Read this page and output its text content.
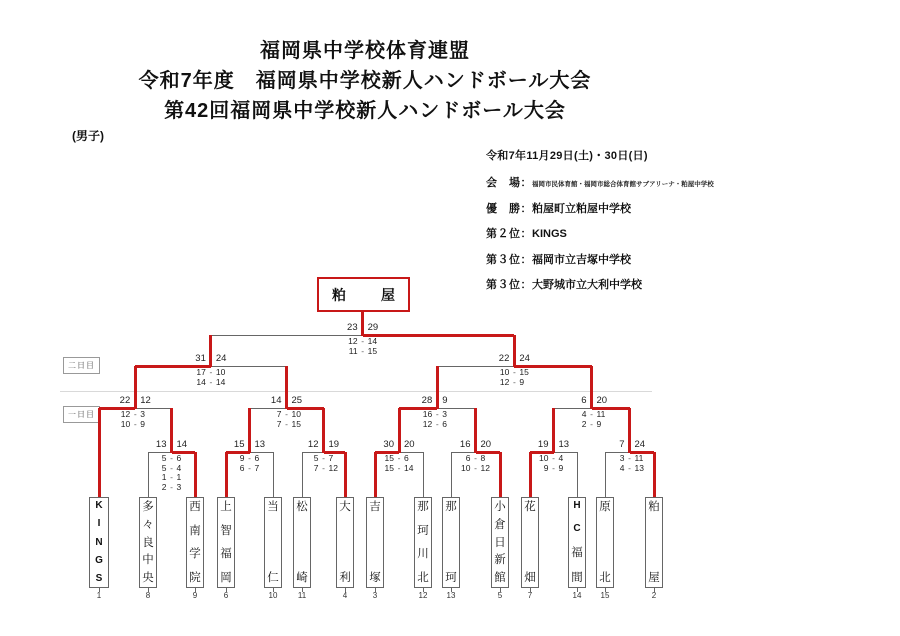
福岡県中学校体育連盟
令和7年度　福岡県中学校新人ハンドボール大会
第42回福岡県中学校新人ハンドボール大会
(男子)
令和7年11月29日(土)・30日(日)
会　場： 福岡市民体育館・福岡市総合体育館サブアリーナ・粕屋中学校
優　勝： 粕屋町立粕屋中学校
第２位： KINGS
第３位： 福岡市立吉塚中学校
第３位： 大野城市立大利中学校
二日目
一日目
粕	屋
13 14
5 - 6
5 - 4
1 - 1
2 - 3
15 13
9 - 6
6 - 7
12 19
5 - 7
7 - 12
30 20
15 - 6
15 - 14
16 20
6 - 8
10 - 12
19 13
10 - 4
9 - 9
7 24
3 - 11
4 - 13
22 12
12 - 3
10 - 9
14 25
7 - 10
7 - 15
28 9
16 - 3
12 - 6
6 20
4 - 11
2 - 9
31 24
17 - 10
14 - 14
22 24
10 - 15
12 - 9
23 29
12 - 14
11 - 15
K
I
N
G
S
1
多
々
良
中
央
8
西
南
学
院
9
上
智
福
岡
6
当
仁
10
松
崎
11
大
利
4
吉
塚
3
那
珂
川
北
12
那
珂
13
小
倉
日
新
館
5
花
畑
7
H
C
福
間
14
原
北
15
粕
屋
2
